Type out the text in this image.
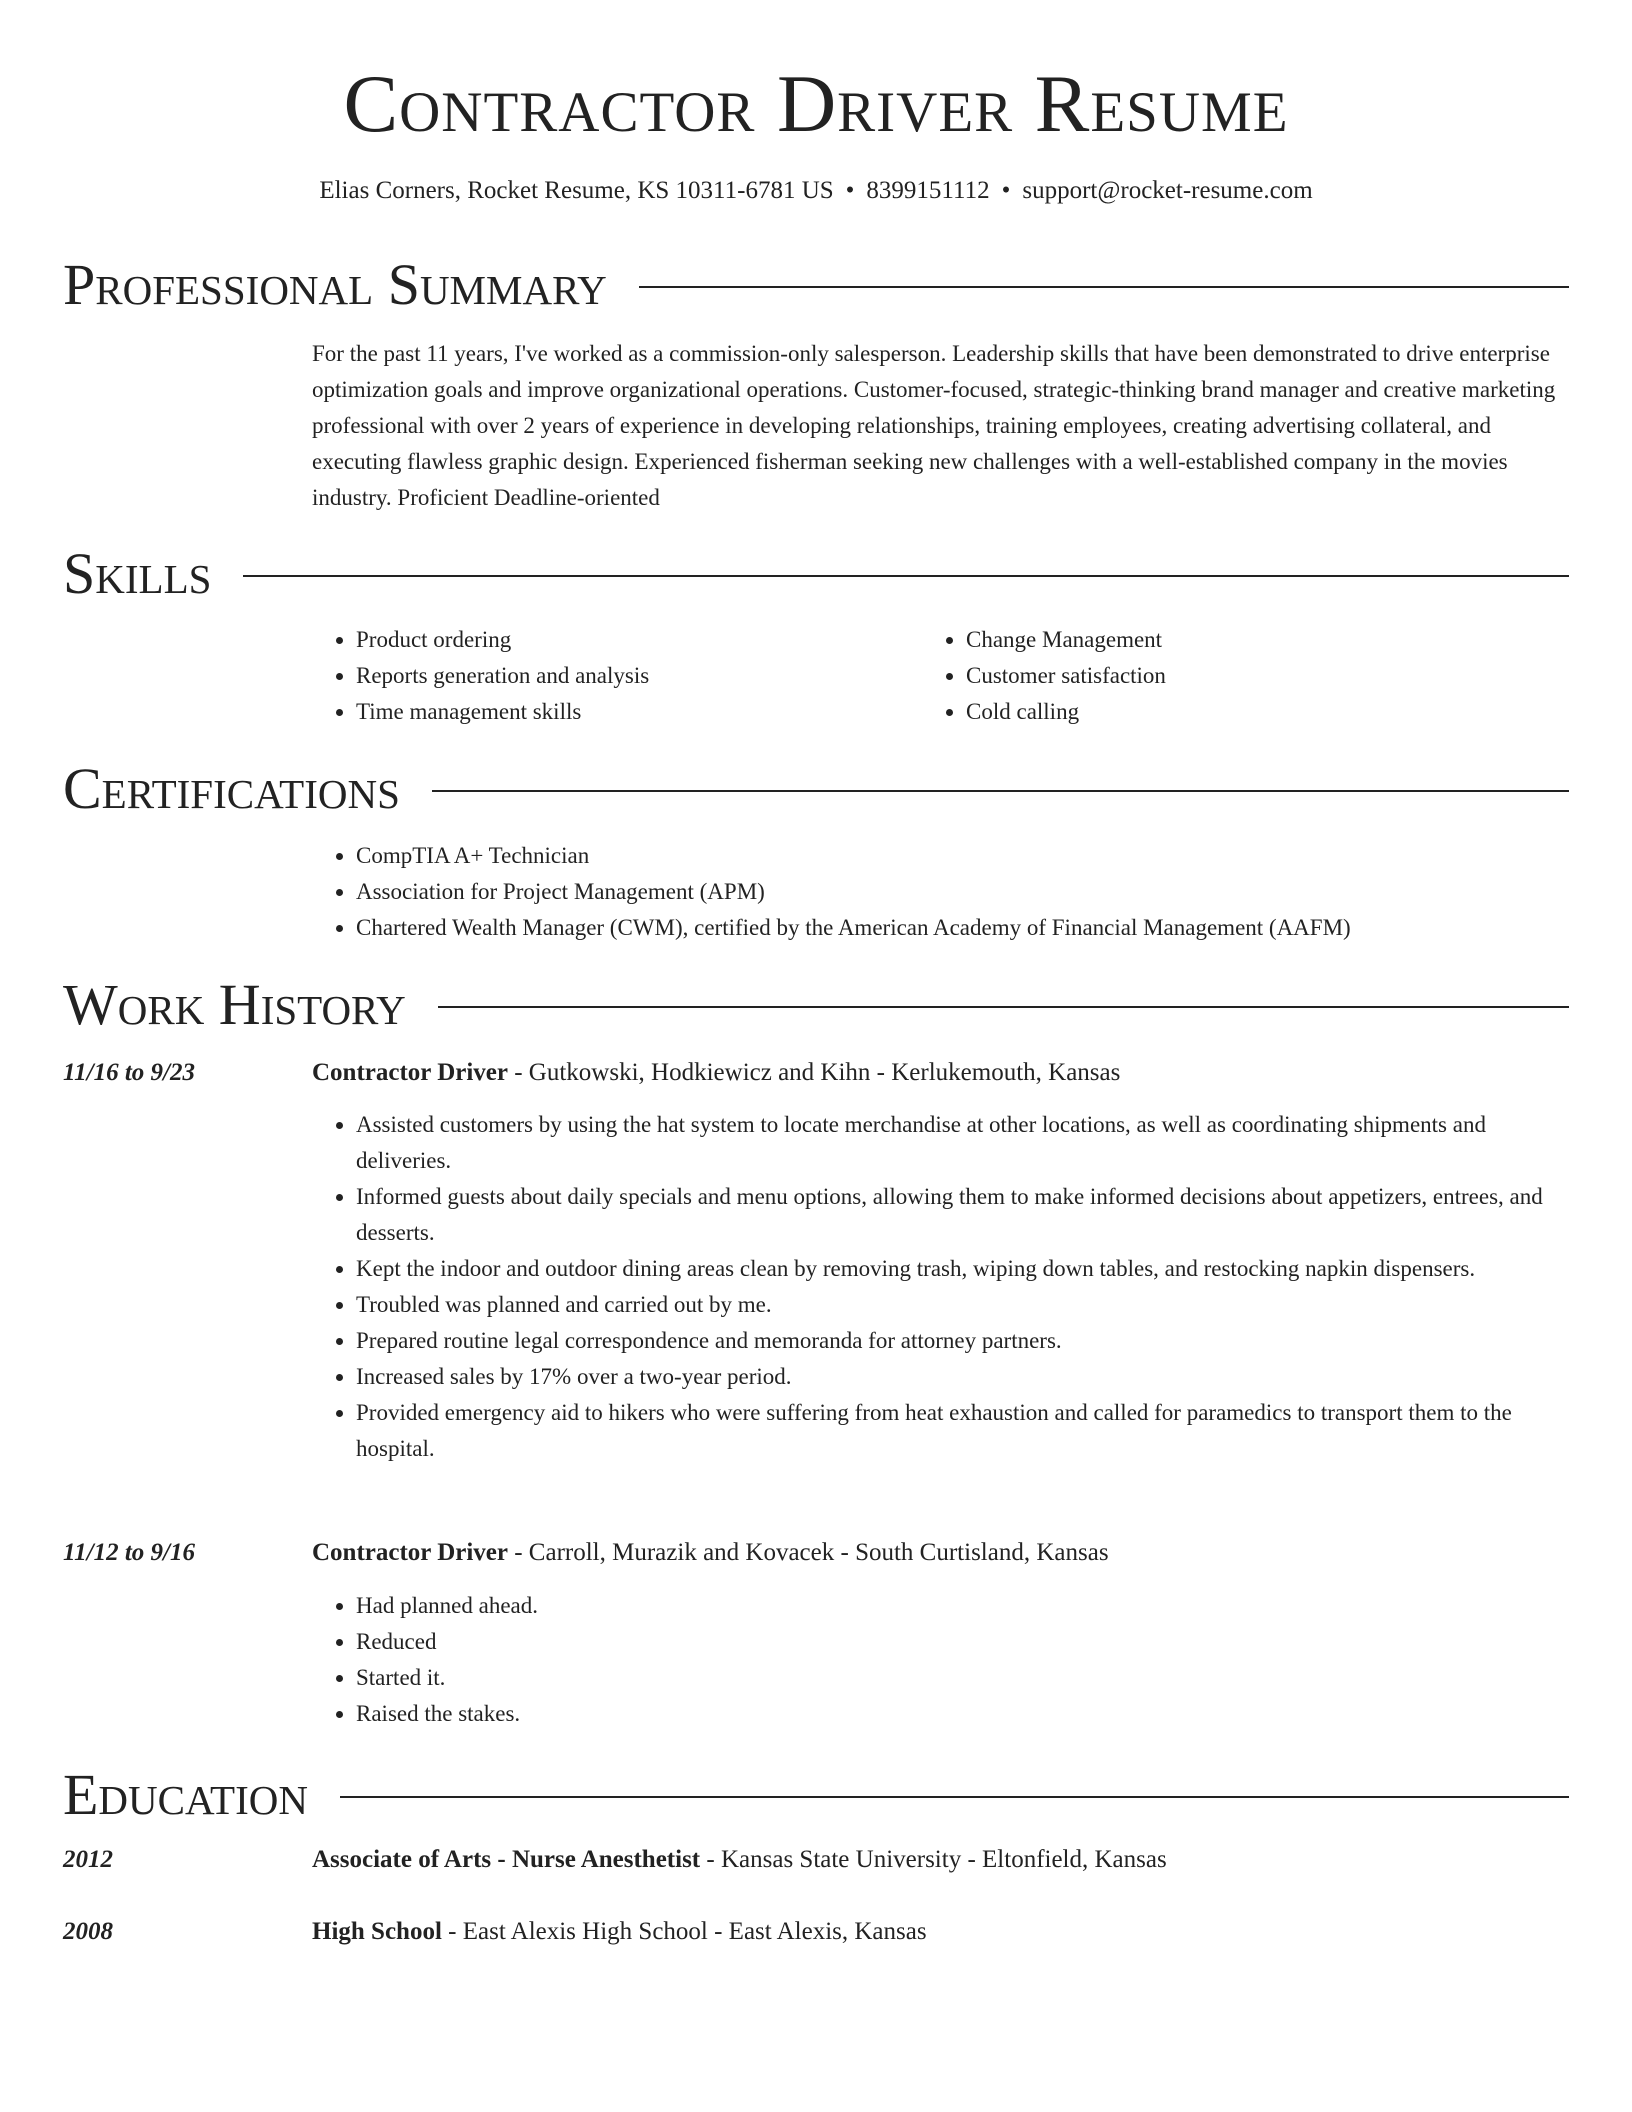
Contractor Driver Resume
Elias Corners, Rocket Resume, KS 10311-6781 US • 8399151112 • support@rocket-resume.com
Professional Summary
For the past 11 years, I've worked as a commission-only salesperson. Leadership skills that have been demonstrated to drive enterprise optimization goals and improve organizational operations. Customer-focused, strategic-thinking brand manager and creative marketing professional with over 2 years of experience in developing relationships, training employees, creating advertising collateral, and executing flawless graphic design. Experienced fisherman seeking new challenges with a well-established company in the movies industry. Proficient Deadline-oriented
Skills
• Product ordering
• Reports generation and analysis
• Time management skills
• Change Management
• Customer satisfaction
• Cold calling
Certifications
• CompTIA A+ Technician
• Association for Project Management (APM)
• Chartered Wealth Manager (CWM), certified by the American Academy of Financial Management (AAFM)
Work History
11/16 to 9/23	Contractor Driver - Gutkowski, Hodkiewicz and Kihn - Kerlukemouth, Kansas
• Assisted customers by using the hat system to locate merchandise at other locations, as well as coordinating shipments and deliveries.
• Informed guests about daily specials and menu options, allowing them to make informed decisions about appetizers, entrees, and desserts.
• Kept the indoor and outdoor dining areas clean by removing trash, wiping down tables, and restocking napkin dispensers.
• Troubled was planned and carried out by me.
• Prepared routine legal correspondence and memoranda for attorney partners.
• Increased sales by 17% over a two-year period.
• Provided emergency aid to hikers who were suffering from heat exhaustion and called for paramedics to transport them to the hospital.
11/12 to 9/16	Contractor Driver - Carroll, Murazik and Kovacek - South Curtisland, Kansas
• Had planned ahead.
• Reduced
• Started it.
• Raised the stakes.
Education
2012	Associate of Arts - Nurse Anesthetist - Kansas State University - Eltonfield, Kansas
2008	High School - East Alexis High School - East Alexis, Kansas
